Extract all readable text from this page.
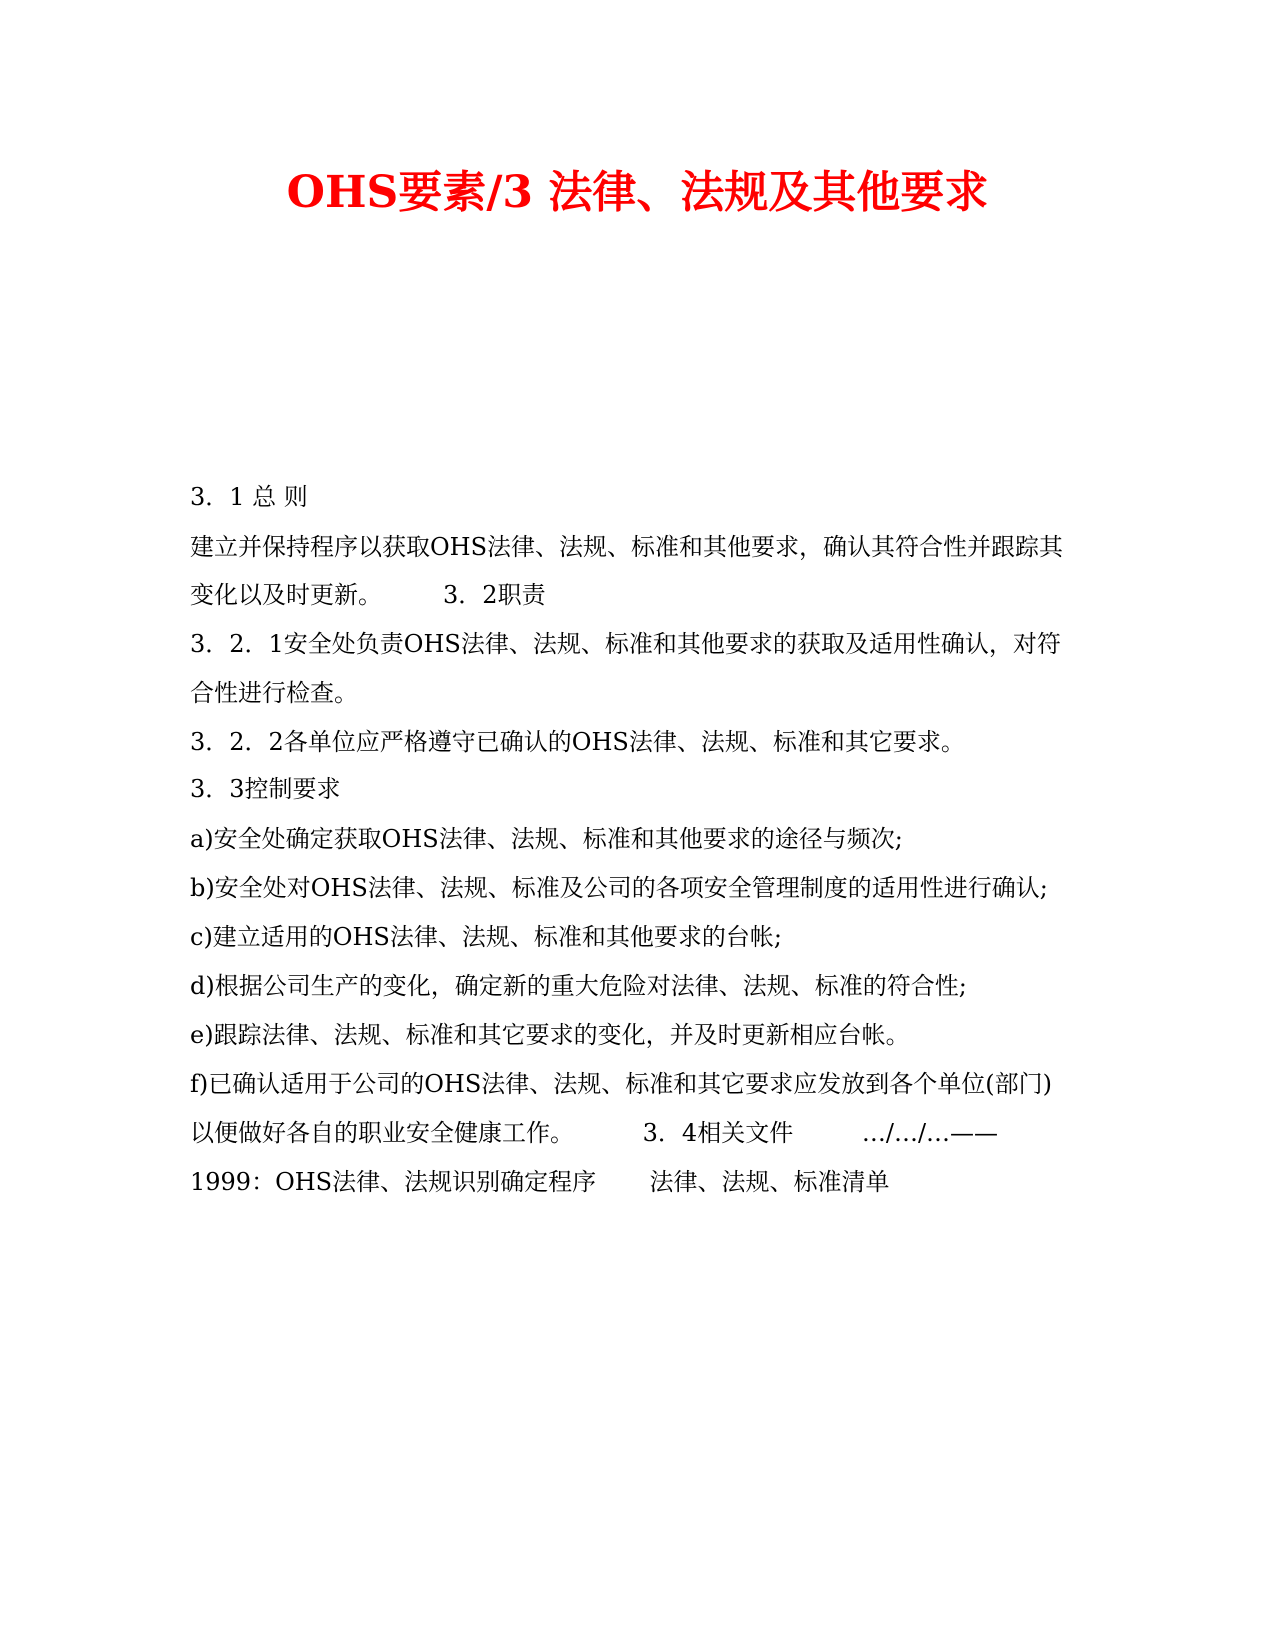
OHS要素/3 法律、法规及其他要求
3．1 总 则
建立并保持程序以获取OHS法律、法规、标准和其他要求，确认其符合性并跟踪其
变化以及时更新。        3．2职责
3．2．1安全处负责OHS法律、法规、标准和其他要求的获取及适用性确认，对符
合性进行检查。
3．2．2各单位应严格遵守已确认的OHS法律、法规、标准和其它要求。
3．3控制要求
a)安全处确定获取OHS法律、法规、标准和其他要求的途径与频次;
b)安全处对OHS法律、法规、标准及公司的各项安全管理制度的适用性进行确认;
c)建立适用的OHS法律、法规、标准和其他要求的台帐;
d)根据公司生产的变化，确定新的重大危险对法律、法规、标准的符合性;
e)跟踪法律、法规、标准和其它要求的变化，并及时更新相应台帐。
f)已确认适用于公司的OHS法律、法规、标准和其它要求应发放到各个单位(部门)
以便做好各自的职业安全健康工作。         3．4相关文件         …/…/…——
1999：OHS法律、法规识别确定程序       法律、法规、标准清单
